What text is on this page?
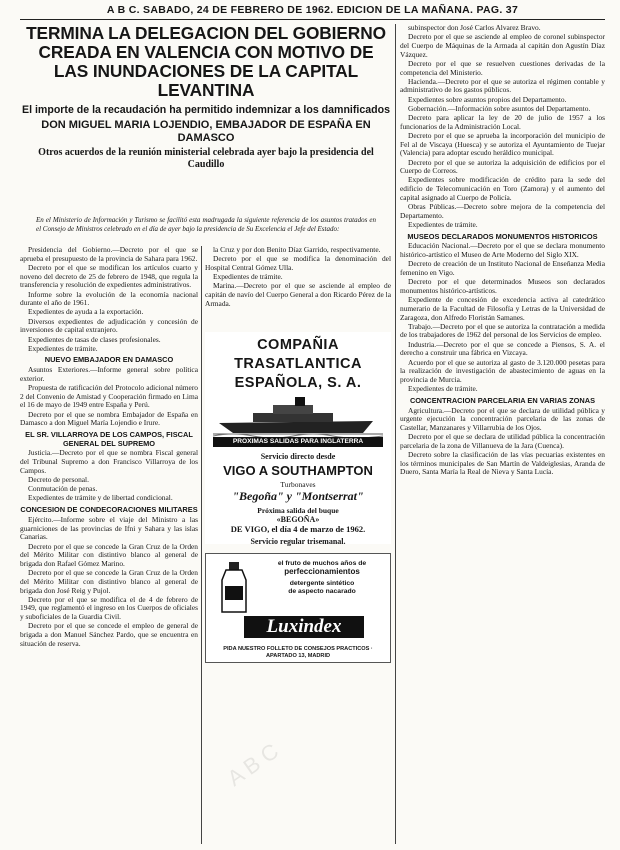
A B C. SABADO, 24 DE FEBRERO DE 1962. EDICION DE LA MAÑANA. PAG. 37
TERMINA LA DELEGACION DEL GOBIERNO CREADA EN VALENCIA CON MOTIVO DE LAS INUNDACIONES DE LA CAPITAL LEVANTINA

El importe de la recaudación ha permitido indemnizar a los damnificados

DON MIGUEL MARIA LOJENDIO, EMBAJADOR DE ESPAÑA EN DAMASCO

Otros acuerdos de la reunión ministerial celebrada ayer bajo la presidencia del Caudillo

En el Ministerio de Información y Turismo se facilitó esta madrugada la siguiente referencia de los asuntos tratados en el Consejo de Ministros celebrado en el día de ayer bajo la presidencia de Su Excelencia el Jefe del Estado:

Presidencia del Gobierno.—Decreto por el que se aprueba el presupuesto de la provincia de Sahara para 1962.

Decreto por el que se modifican los artículos cuarto y noveno del decreto de 25 de febrero de 1948, que regula la transferencia y resolución de expedientes administrativos.

Informe sobre la evolución de la economía nacional durante el año de 1961.

Expedientes de ayuda a la exportación.

Diversos expedientes de adjudicación y concesión de inversiones de capital extranjero.

Expedientes de tasas de clases profesionales.

Expedientes de trámite.

NUEVO EMBAJADOR EN DAMASCO

Asuntos Exteriores.—Informe general sobre política exterior.

Propuesta de ratificación del Protocolo adicional número 2 del Convenio de Amistad y Cooperación firmado en Lima el 16 de mayo de 1949 entre España y Perú.

Decreto por el que se nombra Embajador de España en Damasco a don Miguel María Lojendio e Irure.

EL SR. VILLARROYA DE LOS CAMPOS, FISCAL GENERAL DEL SUPREMO

Justicia.—Decreto por el que se nombra Fiscal general del Tribunal Supremo a don Francisco Villarroya de los Campos.

Decreto de personal.

Conmutación de penas.

Expedientes de trámite y de libertad condicional.

CONCESION DE CONDECORACIONES MILITARES

Ejército.—Informe sobre el viaje del Ministro a las guarniciones de las provincias de Ifni y Sahara y las islas Canarias.

Decreto por el que se concede la Gran Cruz de la Orden del Mérito Militar con distintivo blanco al general de brigada don Rafael Gómez Marino.

Decreto por el que se concede la Gran Cruz de la Orden del Mérito Militar con distintivo blanco al general de brigada don José Reig y Pujol.

Decreto por el que se modifica el de 4 de febrero de 1949, que reglamentó el ingreso en los Cuerpos de oficiales y suboficiales de la Guardia Civil.

Decreto por el que se concede el empleo de general de brigada a don Manuel Sánchez Pardo, que se encuentra en situación de reserva.

la Cruz y por don Benito Díaz Garrido, respectivamente.

Decreto por el que se modifica la denominación del Hospital Central Gómez Ulla.

Expedientes de trámite.

Marina.—Decreto por el que se asciende al empleo de capitán de navío del Cuerpo General a don Ricardo Pérez de la Armada.

subinspector don José Carlos Alvarez Bravo.

Decreto por el que se asciende al empleo de coronel subinspector del Cuerpo de Máquinas de la Armada al capitán don Agustín Díaz Vázquez.

Decreto por el que se resuelven cuestiones derivadas de la competencia del Ministerio.

Hacienda.—Decreto por el que se autoriza el régimen contable y administrativo de los gastos públicos.

Expedientes sobre asuntos propios del Departamento.

Gobernación.—Información sobre asuntos del Departamento.

Decreto para aplicar la ley de 20 de julio de 1957 a los funcionarios de la Administración Local.

Decreto por el que se aprueba la incorporación del municipio de Fel al de Viscaya (Huesca) y se autoriza el Ayuntamiento de Tuejar (Valencia) para adoptar escudo heráldico municipal.

Decreto por el que se autoriza la adquisición de edificios por el Cuerpo de Correos.

Expedientes sobre modificación de crédito para la sede del edificio de Telecomunicación en Toro (Zamora) y el aumento del capital asignado al Cuerpo de Policía.

Obras Públicas.—Decreto sobre mejora de la competencia del Departamento.

Expedientes de trámite.

MUSEOS DECLARADOS MONUMENTOS HISTORICOS

Educación Nacional.—Decreto por el que se declara monumento histórico-artístico el Museo de Arte Moderno del Siglo XIX.

Decreto de creación de un Instituto Nacional de Enseñanza Media femenino en Vigo.

Decreto por el que determinados Museos son declarados monumentos histórico-artísticos.

Expediente de concesión de excedencia activa al catedrático numerario de la Facultad de Filosofía y Letras de la Universidad de Zaragoza, don Alfredo Floristán Samanes.

Trabajo.—Decreto por el que se autoriza la contratación a medida de los trabajadores de 1962 del personal de los Servicios de empleo.

Industria.—Decreto por el que se concede a Piensos, S. A. el derecho a construir una fábrica en Vizcaya.

Acuerdo por el que se autoriza al gasto de 3.120.000 pesetas para la realización de investigación de abastecimiento de aguas en la provincia de Murcia.

Expedientes de trámite.

CONCENTRACION PARCELARIA EN VARIAS ZONAS

Agricultura.—Decreto por el que se declara de utilidad pública y urgente ejecución la concentración parcelaria de las zonas de Castellar, Manzanares y Villarrubia de los Ojos.

Decreto por el que se declara de utilidad pública la concentración parcelaria de la zona de Villanueva de la Jara (Cuenca).

Decreto sobre la clasificación de las vías pecuarias existentes en los términos municipales de San Martín de Valdeiglesias, Aranda de Duero, Santa María la Real de Nieva y Santa Lucía.

COMPAÑIA TRASATLANTICA
ESPAÑOLA, S. A.
PROXIMAS SALIDAS PARA INGLATERRA
Servicio directo desde
VIGO A SOUTHAMPTON
Turbonaves
"Begoña" y "Montserrat"
Próxima salida del buque
«BEGOÑA»
DE VIGO, el día 4 de marzo de 1962.
Servicio regular trisemanal.
el fruto de muchos años de
perfeccionamientos
detergente sintético
de aspecto nacarado
Luxindex
PIDA NUESTRO FOLLETO DE CONSEJOS PRACTICOS · APARTADO 13, MADRID
A B C
